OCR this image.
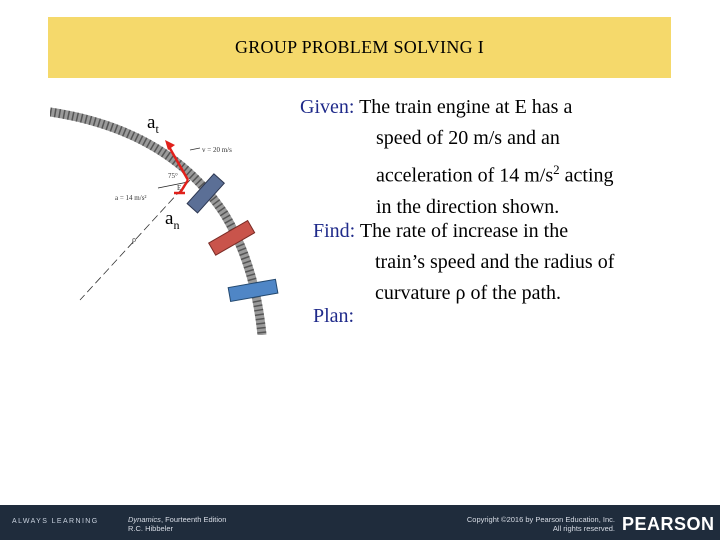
GROUP PROBLEM SOLVING I
v = 20 m/s
a = 14 m/s²
75°
E
ρ
$a_t$
$a_n$
Given: The train engine at E has a
speed of 20 m/s and an
acceleration of 14 $m/s^2$ acting
in the direction shown.
Find: The rate of increase in the
train’s speed and the radius of
curvature ρ of the path.
Plan:
1. Determine the tangential and normal components of the acceleration.
2. Calculate v̇ from the tangential component of the acceleration.
3. Calculate ρ from the normal component of the acceleration.
ALWAYS LEARNING	Dynamics, Fourteenth Edition
R.C. Hibbeler
Copyright ©2016 by Pearson Education, Inc.
All rights reserved. PEARSON
